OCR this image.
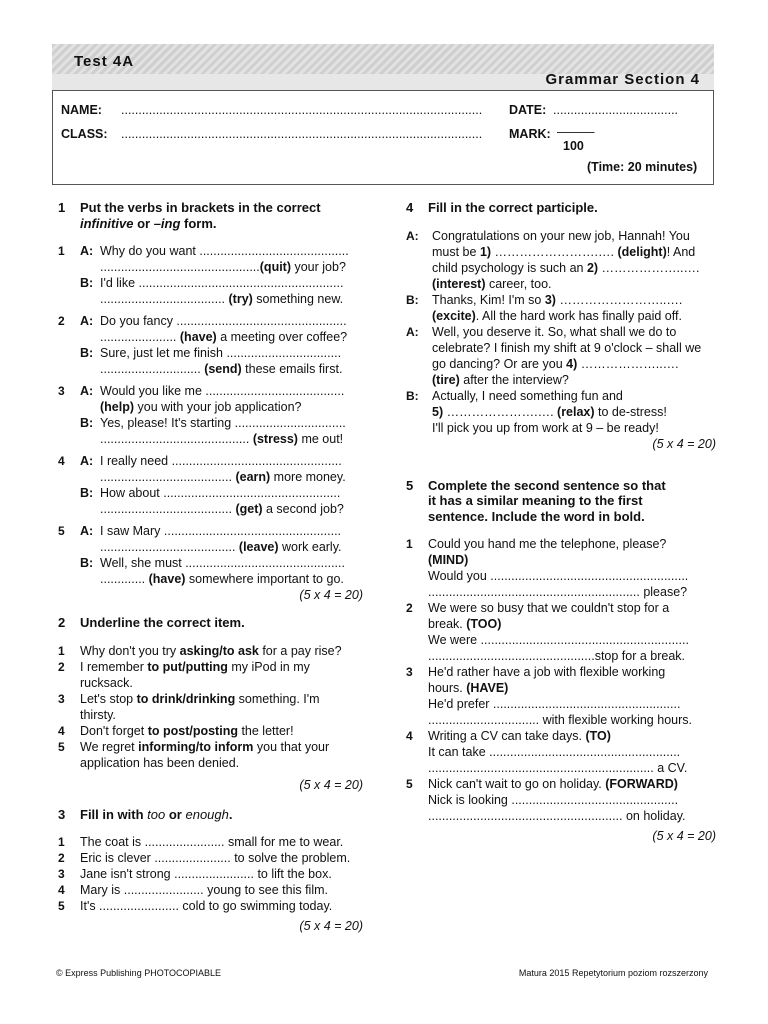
Test 4A
Grammar Section 4
NAME: ........................................................................................................ DATE: ....................................
CLASS: ........................................................................................................ MARK: ———
100
(Time: 20 minutes)
1	Put the verbs in brackets in the correct
infinitive or –ing form.
1	A: Why do you want ...........................................
..............................................(quit) your job?
B: I'd like ...........................................................
.................................... (try) something new.
2	A: Do you fancy .................................................
...................... (have) a meeting over coffee?
B: Sure, just let me finish .................................
............................. (send) these emails first.
3	A: Would you like me ........................................
(help) you with your job application?
B: Yes, please! It's starting ................................
........................................... (stress) me out!
4	A: I really need .................................................
...................................... (earn) more money.
B: How about ...................................................
...................................... (get) a second job?
5	A: I saw Mary ...................................................
....................................... (leave) work early.
B: Well, she must ..............................................
............. (have) somewhere important to go.
(5 x 4 = 20)
2	Underline the correct item.
1	Why don't you try asking/to ask for a pay rise?
2	I remember to put/putting my iPod in my
rucksack.
3	Let's stop to drink/drinking something. I'm
thirsty.
4	Don't forget to post/posting the letter!
5	We regret informing/to inform you that your
application has been denied.
(5 x 4 = 20)
3	Fill in with too or enough.
1	The coat is ....................... small for me to wear.
2	Eric is clever ...................... to solve the problem.
3	Jane isn't strong ....................... to lift the box.
4	Mary is ....................... young to see this film.
5	It's ....................... cold to go swimming today.
(5 x 4 = 20)
4	Fill in the correct participle.
A:	Congratulations on your new job, Hannah! You
must be 1) …………………….…. (delight)! And
child psychology is such an 2) ………………..….
(interest) career, too.
B:	Thanks, Kim! I'm so 3) ……………………..….
(excite). All the hard work has finally paid off.
A:	Well, you deserve it. So, what shall we do to
celebrate? I finish my shift at 9 o'clock – shall we
go dancing? Or are you 4) ………………..….
(tire) after the interview?
B:	Actually, I need something fun and
5) ………………….…. (relax) to de-stress!
I'll pick you up from work at 9 – be ready!
(5 x 4 = 20)
5	Complete the second sentence so that
it has a similar meaning to the first
sentence. Include the word in bold.
1	Could you hand me the telephone, please?
(MIND)
Would you .........................................................
............................................................. please?
2	We were so busy that we couldn't stop for a
break. (TOO)
We were ............................................................
................................................stop for a break.
3	He'd rather have a job with flexible working
hours. (HAVE)
He'd prefer ......................................................
................................ with flexible working hours.
4	Writing a CV can take days. (TO)
It can take .......................................................
................................................................. a CV.
5	Nick can't wait to go on holiday. (FORWARD)
Nick is looking ................................................
........................................................ on holiday.
(5 x 4 = 20)
© Express Publishing PHOTOCOPIABLE	Matura 2015 Repetytorium poziom rozszerzony
